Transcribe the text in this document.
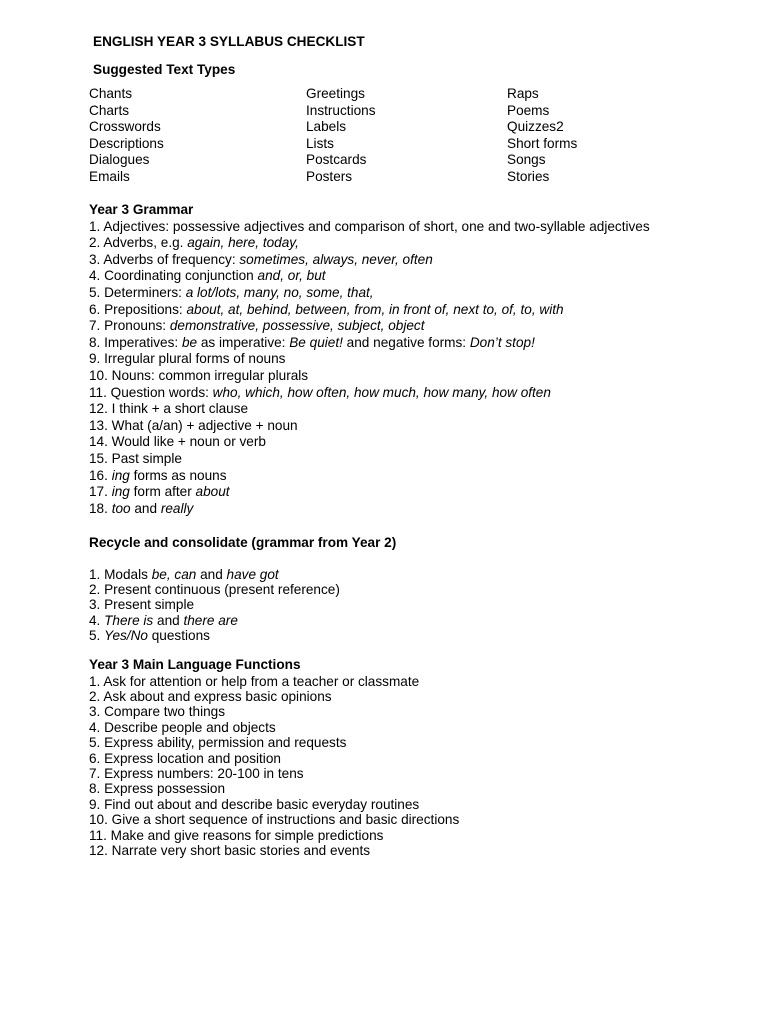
ENGLISH YEAR 3 SYLLABUS CHECKLIST
Suggested Text Types
Chants
Charts
Crosswords
Descriptions
Dialogues
Emails
Greetings
Instructions
Labels
Lists
Postcards
Posters
Raps
Poems
Quizzes2
Short forms
Songs
Stories
Year 3 Grammar
1. Adjectives: possessive adjectives and comparison of short, one and two-syllable adjectives
2. Adverbs, e.g. again, here, today,
3. Adverbs of frequency: sometimes, always, never, often
4. Coordinating conjunction and, or, but
5. Determiners: a lot/lots, many, no, some, that,
6. Prepositions: about, at, behind, between, from, in front of, next to, of, to, with
7. Pronouns: demonstrative, possessive, subject, object
8. Imperatives: be as imperative: Be quiet! and negative forms: Don’t stop!
9. Irregular plural forms of nouns
10. Nouns: common irregular plurals
11. Question words: who, which, how often, how much, how many, how often
12. I think + a short clause
13. What (a/an) + adjective + noun
14. Would like + noun or verb
15. Past simple
16. ing forms as nouns
17. ing form after about
18. too and really
Recycle and consolidate (grammar from Year 2)
1. Modals be, can and have got
2. Present continuous (present reference)
3. Present simple
4. There is and there are
5. Yes/No questions
Year 3 Main Language Functions
1. Ask for attention or help from a teacher or classmate
2. Ask about and express basic opinions
3. Compare two things
4. Describe people and objects
5. Express ability, permission and requests
6. Express location and position
7. Express numbers: 20-100 in tens
8. Express possession
9. Find out about and describe basic everyday routines
10. Give a short sequence of instructions and basic directions
11. Make and give reasons for simple predictions
12. Narrate very short basic stories and events
